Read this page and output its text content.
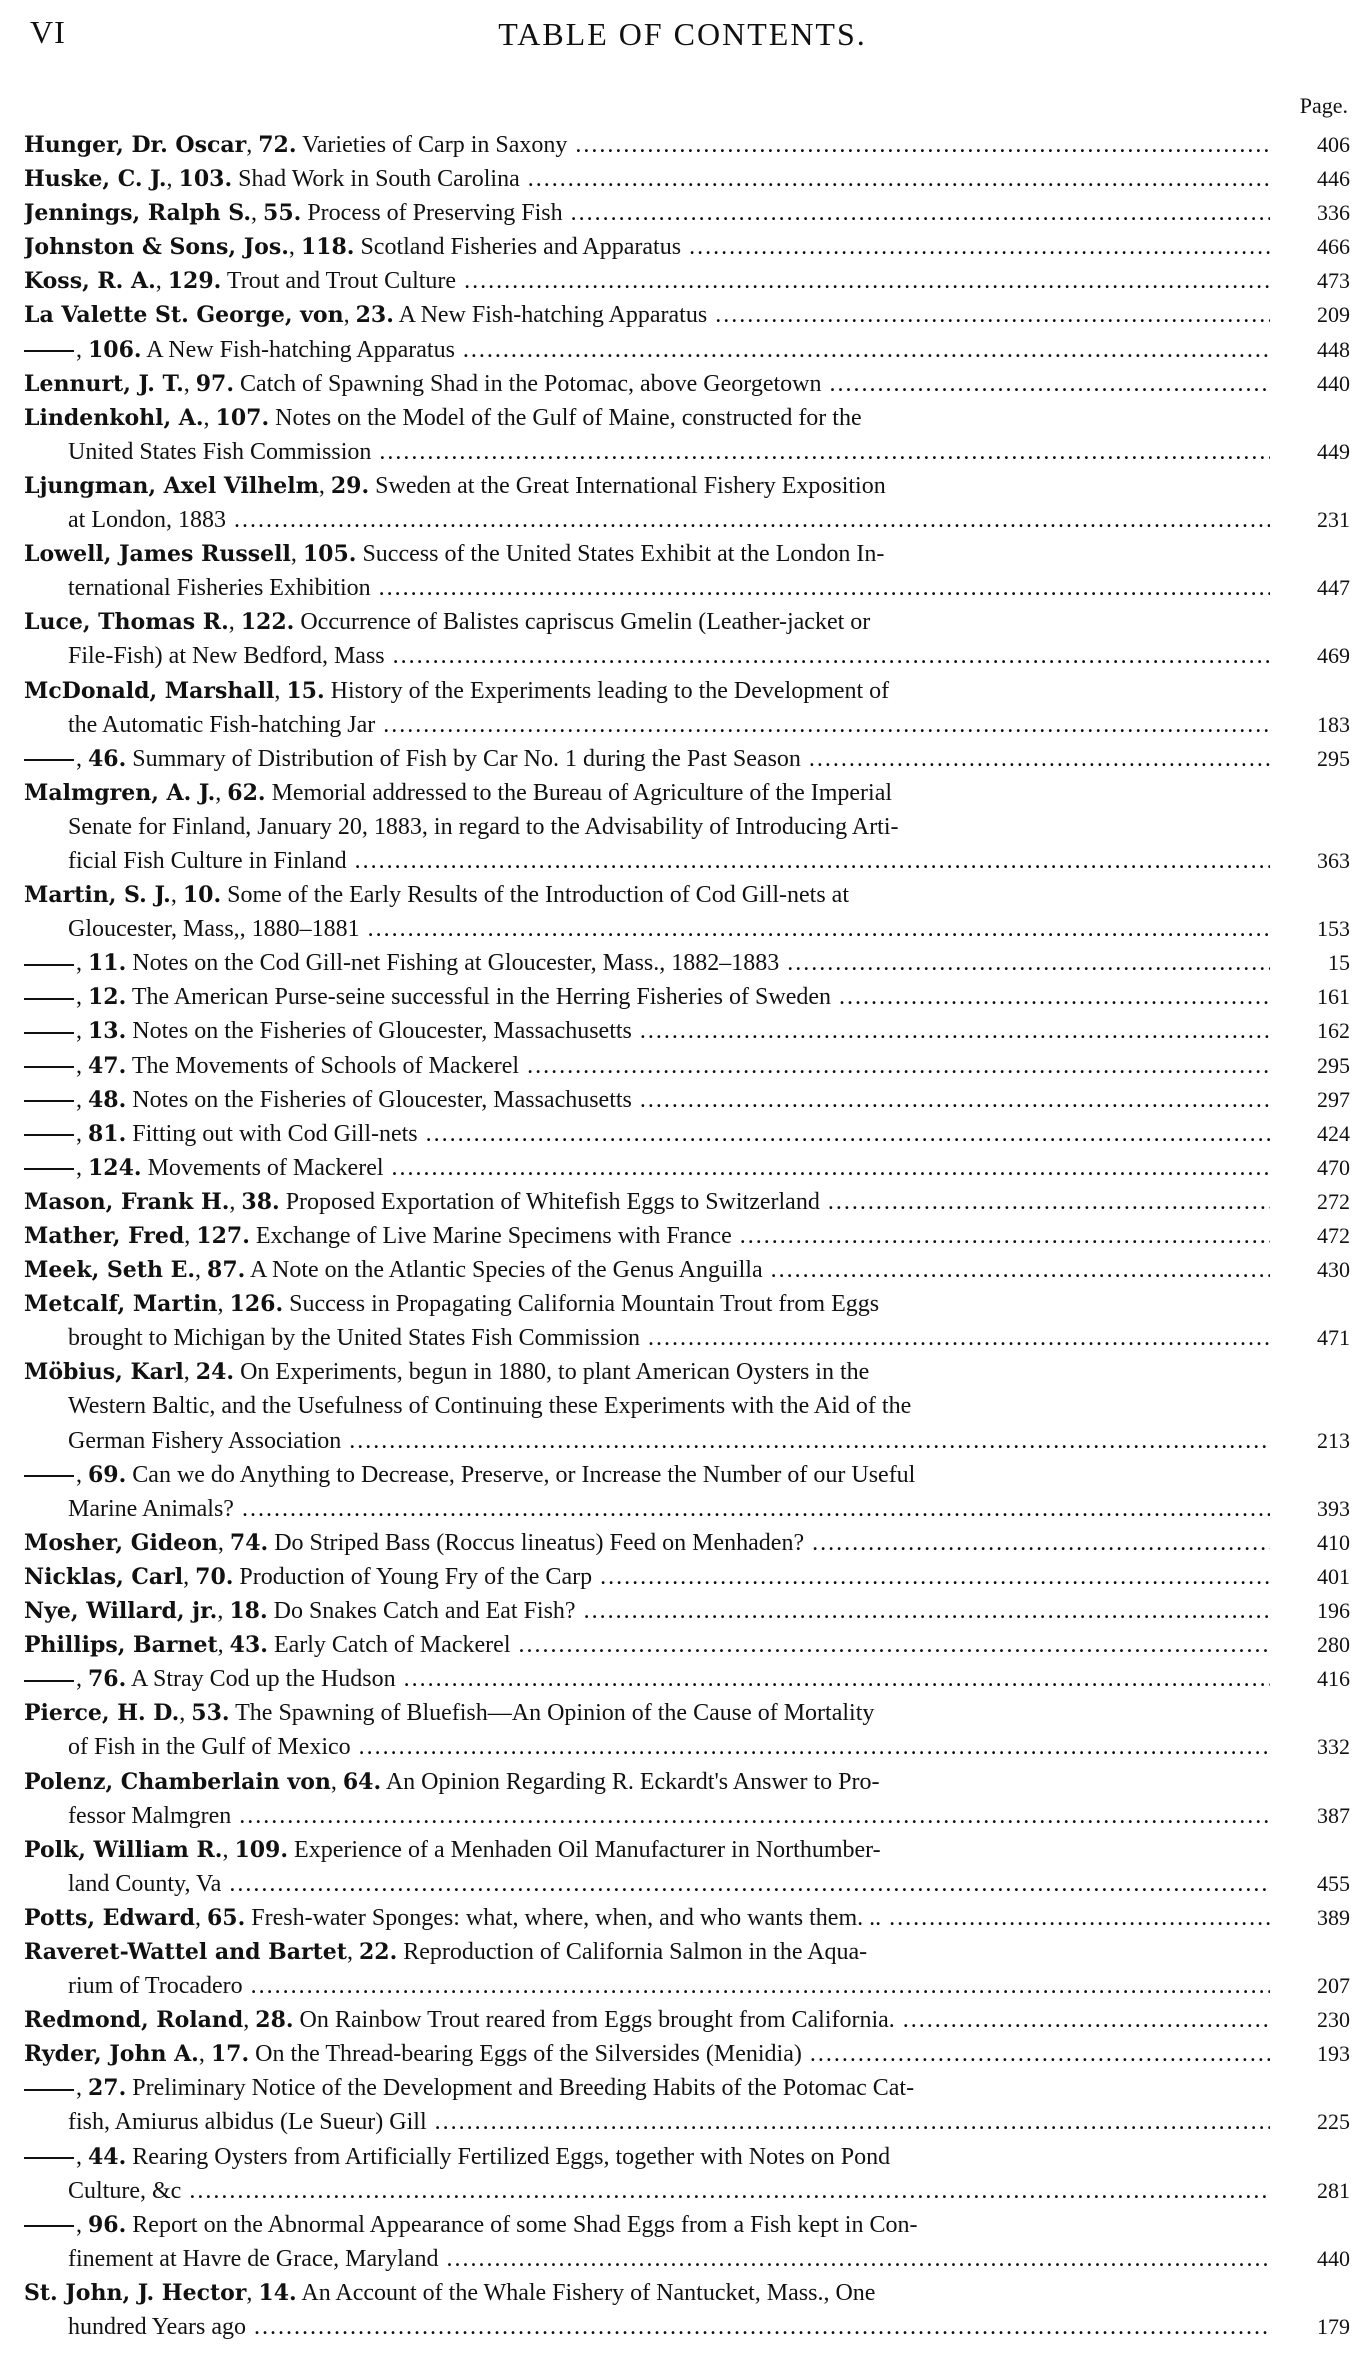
VI	TABLE OF CONTENTS.
Page.
Hunger, Dr. Oscar, 72. Varieties of Carp in Saxony .....	406
Huske, C. J., 103. Shad Work in South Carolina .....	446
Jennings, Ralph S., 55. Process of Preserving Fish .....	336
Johnston & Sons, Jos., 118. Scotland Fisheries and Apparatus .....	466
Koss, R. A., 129. Trout and Trout Culture .....	473
La Valette St. George, von, 23. A New Fish-hatching Apparatus .....	209
, 106. A New Fish-hatching Apparatus .....	448
Lennurt, J. T., 97. Catch of Spawning Shad in the Potomac, above Georgetown .....	440
Lindenkohl, A., 107. Notes on the Model of the Gulf of Maine, constructed for the
United States Fish Commission .....	449
Ljungman, Axel Vilhelm, 29. Sweden at the Great International Fishery Exposition
at London, 1883 .....	231
Lowell, James Russell, 105. Success of the United States Exhibit at the London In-
ternational Fisheries Exhibition .....	447
Luce, Thomas R., 122. Occurrence of Balistes capriscus Gmelin (Leather-jacket or
File-Fish) at New Bedford, Mass .....	469
McDonald, Marshall, 15. History of the Experiments leading to the Development of
the Automatic Fish-hatching Jar .....	183
, 46. Summary of Distribution of Fish by Car No. 1 during the Past Season .....	295
Malmgren, A. J., 62. Memorial addressed to the Bureau of Agriculture of the Imperial
Senate for Finland, January 20, 1883, in regard to the Advisability of Introducing Arti-
ficial Fish Culture in Finland .....	363
Martin, S. J., 10. Some of the Early Results of the Introduction of Cod Gill-nets at
Gloucester, Mass,, 1880–1881 .....	153
, 11. Notes on the Cod Gill-net Fishing at Gloucester, Mass., 1882–1883 .....	15
, 12. The American Purse-seine successful in the Herring Fisheries of Sweden .....	161
, 13. Notes on the Fisheries of Gloucester, Massachusetts .....	162
, 47. The Movements of Schools of Mackerel .....	295
, 48. Notes on the Fisheries of Gloucester, Massachusetts .....	297
, 81. Fitting out with Cod Gill-nets .....	424
, 124. Movements of Mackerel .....	470
Mason, Frank H., 38. Proposed Exportation of Whitefish Eggs to Switzerland .....	272
Mather, Fred, 127. Exchange of Live Marine Specimens with France .....	472
Meek, Seth E., 87. A Note on the Atlantic Species of the Genus Anguilla .....	430
Metcalf, Martin, 126. Success in Propagating California Mountain Trout from Eggs
brought to Michigan by the United States Fish Commission .....	471
Möbius, Karl, 24. On Experiments, begun in 1880, to plant American Oysters in the
Western Baltic, and the Usefulness of Continuing these Experiments with the Aid of the
German Fishery Association .....	213
, 69. Can we do Anything to Decrease, Preserve, or Increase the Number of our Useful
Marine Animals? .....	393
Mosher, Gideon, 74. Do Striped Bass (Roccus lineatus) Feed on Menhaden? .....	410
Nicklas, Carl, 70. Production of Young Fry of the Carp .....	401
Nye, Willard, jr., 18. Do Snakes Catch and Eat Fish? .....	196
Phillips, Barnet, 43. Early Catch of Mackerel .....	280
, 76. A Stray Cod up the Hudson .....	416
Pierce, H. D., 53. The Spawning of Bluefish—An Opinion of the Cause of Mortality
of Fish in the Gulf of Mexico .....	332
Polenz, Chamberlain von, 64. An Opinion Regarding R. Eckardt's Answer to Pro-
fessor Malmgren .....	387
Polk, William R., 109. Experience of a Menhaden Oil Manufacturer in Northumber-
land County, Va .....	455
Potts, Edward, 65. Fresh-water Sponges: what, where, when, and who wants them. .. .....	389
Raveret-Wattel and Bartet, 22. Reproduction of California Salmon in the Aqua-
rium of Trocadero .....	207
Redmond, Roland, 28. On Rainbow Trout reared from Eggs brought from California. .....	230
Ryder, John A., 17. On the Thread-bearing Eggs of the Silversides (Menidia) .....	193
, 27. Preliminary Notice of the Development and Breeding Habits of the Potomac Cat-
fish, Amiurus albidus (Le Sueur) Gill .....	225
, 44. Rearing Oysters from Artificially Fertilized Eggs, together with Notes on Pond
Culture, &c .....	281
, 96. Report on the Abnormal Appearance of some Shad Eggs from a Fish kept in Con-
finement at Havre de Grace, Maryland .....	440
St. John, J. Hector, 14. An Account of the Whale Fishery of Nantucket, Mass., One
hundred Years ago .....	179
